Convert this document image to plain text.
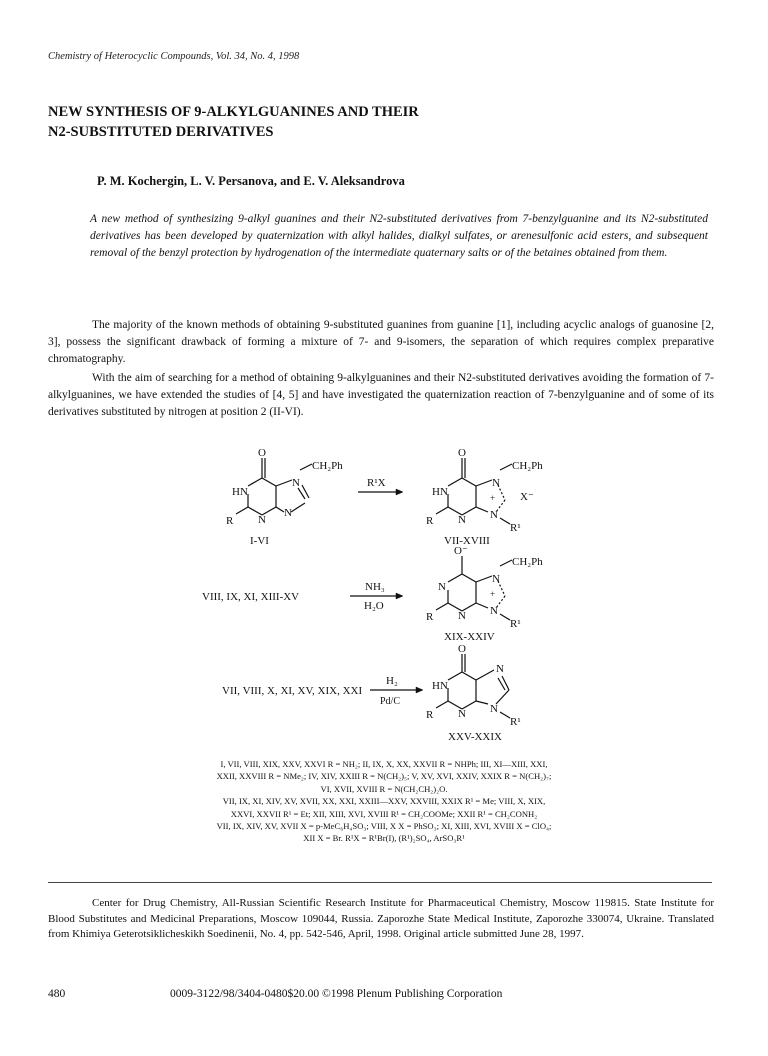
Chemistry of Heterocyclic Compounds, Vol. 34, No. 4, 1998
NEW SYNTHESIS OF 9-ALKYLGUANINES AND THEIR
N2-SUBSTITUTED DERIVATIVES
P. M. Kochergin, L. V. Persanova, and E. V. Aleksandrova
A new method of synthesizing 9-alkyl guanines and their N2-substituted derivatives from 7-benzylguanine and its N2-substituted derivatives has been developed by quaternization with alkyl halides, dialkyl sulfates, or arenesulfonic acid esters, and subsequent removal of the benzyl protection by hydrogenation of the intermediate quaternary salts or of the betaines obtained from them.
The majority of the known methods of obtaining 9-substituted guanines from guanine [1], including acyclic analogs of guanosine [2, 3], possess the significant drawback of forming a mixture of 7- and 9-isomers, the separation of which requires complex preparative chromatography.
With the aim of searching for a method of obtaining 9-alkylguanines and their N2-substituted derivatives avoiding the formation of 7-alkylguanines, we have extended the studies of [4, 5] and have investigated the quaternization reaction of 7-benzylguanine and of some of its derivatives substituted by nitrogen at position 2 (II-VI).
O
HN
N
CH₂Ph
N
N
R
I-VI
R¹X
O
HN
N
CH₂Ph
+ X⁻
N N
R
R¹
VII-XVIII
VIII, IX, XI, XIII-XV
NH₃
H₂O
O⁻
N
N
CH₂Ph
+
N N
R
R¹
XIX-XXIV
VII, VIII, X, XI, XV, XIX, XXI
H₂
Pd/C
O
HN
N
N N
R
R¹
XXV-XXIX
I, VII, VIII, XIX, XXV, XXVI R = NH₂; II, IX, X, XX, XXVII R = NHPh; III, XI—XIII, XXI,
XXII, XXVIII R = NMe₂; IV, XIV, XXIII R = N(CH₂)₅; V, XV, XVI, XXIV, XXIX R = N(CH₂)₇;
VI, XVII, XVIII R = N(CH₂CH₂)₂O.
VII, IX, XI, XIV, XV, XVII, XX, XXI, XXIII—XXV, XXVIII, XXIX R¹ = Me; VIII, X, XIX,
XXVI, XXVII R¹ = Et; XII, XIII, XVI, XVIII R¹ = CH₂COOMe; XXII R¹ = CH₂CONH₂
VII, IX, XIV, XV, XVII X = p-MeC₆H₄SO₃; VIII, X X = PhSO₃; XI, XIII, XVI, XVIII X = ClO₄;
XII X = Br. R¹X = R¹Br(I), (R¹)₂SO₄, ArSO₃R¹
Center for Drug Chemistry, All-Russian Scientific Research Institute for Pharmaceutical Chemistry, Moscow 119815. State Institute for Blood Substitutes and Medicinal Preparations, Moscow 109044, Russia. Zaporozhe State Medical Institute, Zaporozhe 330074, Ukraine. Translated from Khimiya Geterotsiklicheskikh Soedinenii, No. 4, pp. 542-546, April, 1998. Original article submitted June 28, 1997.
480	0009-3122/98/3404-0480$20.00 ©1998 Plenum Publishing Corporation
